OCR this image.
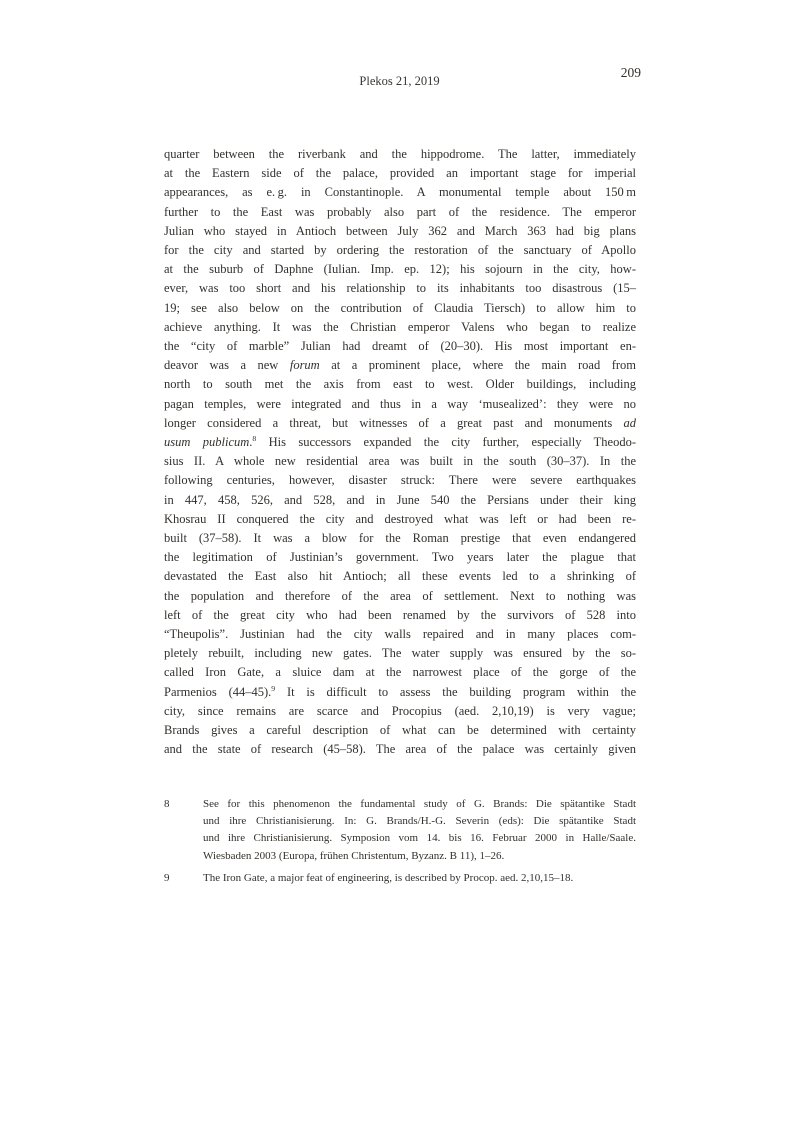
Plekos 21, 2019
209
quarter between the riverbank and the hippodrome. The latter, immediately
at the Eastern side of the palace, provided an important stage for imperial
appearances, as e. g. in Constantinople. A monumental temple about 150 m
further to the East was probably also part of the residence. The emperor
Julian who stayed in Antioch between July 362 and March 363 had big plans
for the city and started by ordering the restoration of the sanctuary of Apollo
at the suburb of Daphne (Iulian. Imp. ep. 12); his sojourn in the city, how-
ever, was too short and his relationship to its inhabitants too disastrous (15–
19; see also below on the contribution of Claudia Tiersch) to allow him to
achieve anything. It was the Christian emperor Valens who began to realize
the “city of marble” Julian had dreamt of (20–30). His most important en-
deavor was a new forum at a prominent place, where the main road from
north to south met the axis from east to west. Older buildings, including
pagan temples, were integrated and thus in a way ‘musealized’: they were no
longer considered a threat, but witnesses of a great past and monuments ad
usum publicum.$^8$ His successors expanded the city further, especially Theodo-
sius II. A whole new residential area was built in the south (30–37). In the
following centuries, however, disaster struck: There were severe earthquakes
in 447, 458, 526, and 528, and in June 540 the Persians under their king
Khosrau II conquered the city and destroyed what was left or had been re-
built (37–58). It was a blow for the Roman prestige that even endangered
the legitimation of Justinian’s government. Two years later the plague that
devastated the East also hit Antioch; all these events led to a shrinking of
the population and therefore of the area of settlement. Next to nothing was
left of the great city who had been renamed by the survivors of 528 into
“Theupolis”. Justinian had the city walls repaired and in many places com-
pletely rebuilt, including new gates. The water supply was ensured by the so-
called Iron Gate, a sluice dam at the narrowest place of the gorge of the
Parmenios (44–45).$^9$ It is difficult to assess the building program within the
city, since remains are scarce and Procopius (aed. 2,10,19) is very vague;
Brands gives a careful description of what can be determined with certainty
and the state of research (45–58). The area of the palace was certainly given
8	See for this phenomenon the fundamental study of G. Brands: Die spätantike Stadt
und ihre Christianisierung. In: G. Brands/H.-G. Severin (eds): Die spätantike Stadt
und ihre Christianisierung. Symposion vom 14. bis 16. Februar 2000 in Halle/Saale.
Wiesbaden 2003 (Europa, frühen Christentum, Byzanz. B 11), 1–26.
9	The Iron Gate, a major feat of engineering, is described by Procop. aed. 2,10,15–18.
